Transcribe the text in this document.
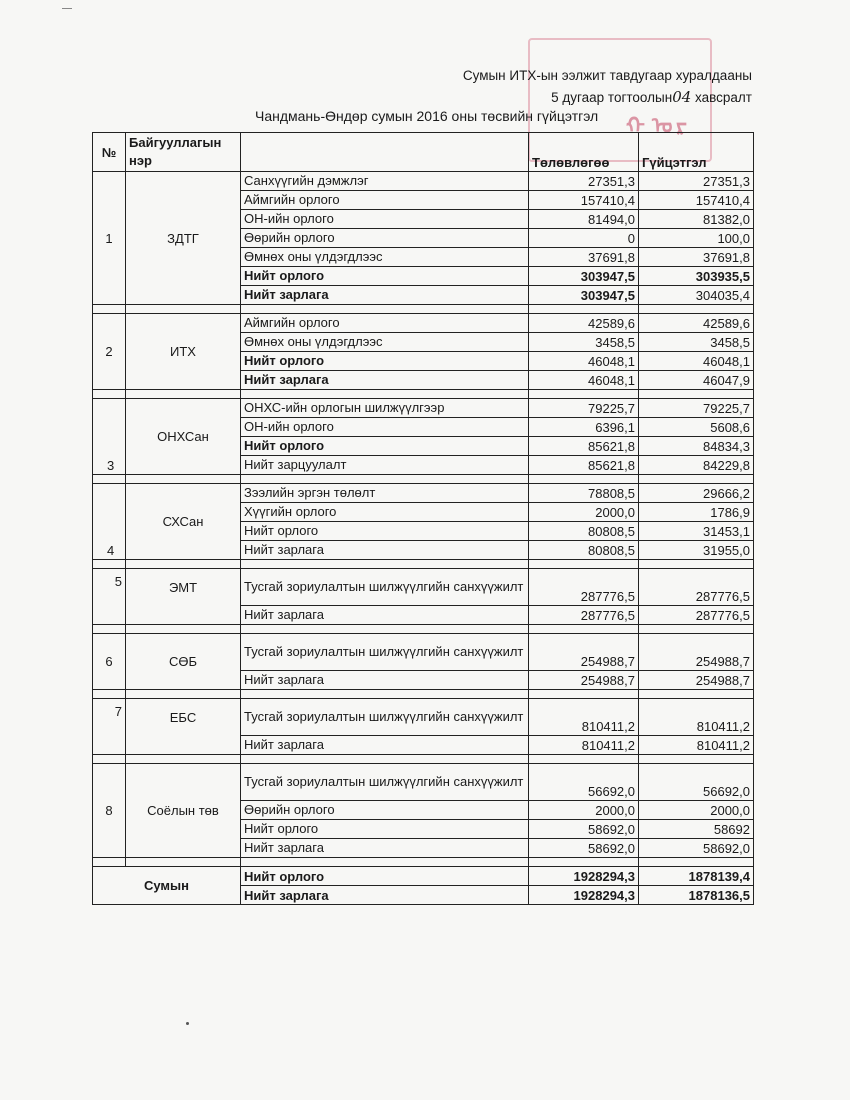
ᠬ ᠤ ᠷ
Сумын ИТХ-ын ээлжит тавдугаар хуралдааны
5 дугаар тогтоолын04 хавсралт
Чандмань-Өндөр сумын 2016 оны төсвийн гүйцэтгэл
№	Байгууллагын нэр		Төлөвлөгөө	Гүйцэтгэл
1	ЗДТГ	Санхүүгийн дэмжлэг	27351,3	27351,3
		Аймгийн орлого	157410,4	157410,4
		ОН-ийн орлого	81494,0	81382,0
		Өөрийн орлого	0	100,0
		Өмнөх оны үлдэгдлээс	37691,8	37691,8
		Нийт орлого	303947,5	303935,5
		Нийт зарлага	303947,5	304035,4

2	ИТХ	Аймгийн орлого	42589,6	42589,6
		Өмнөх оны үлдэгдлээс	3458,5	3458,5
		Нийт орлого	46048,1	46048,1
		Нийт зарлага	46048,1	46047,9

3	ОНХСан	ОНХС-ийн орлогын шилжүүлгээр	79225,7	79225,7
		ОН-ийн орлого	6396,1	5608,6
		Нийт орлого	85621,8	84834,3
		Нийт зарцуулалт	85621,8	84229,8

4	СХСан	Зээлийн эргэн төлөлт	78808,5	29666,2
		Хүүгийн орлого	2000,0	1786,9
		Нийт орлого	80808,5	31453,1
		Нийт зарлага	80808,5	31955,0

5	ЭМТ	Тусгай зориулалтын шилжүүлгийн санхүүжилт	287776,5	287776,5
		Нийт зарлага	287776,5	287776,5

6	СӨБ	Тусгай зориулалтын шилжүүлгийн санхүүжилт	254988,7	254988,7
		Нийт зарлага	254988,7	254988,7

7	ЕБС	Тусгай зориулалтын шилжүүлгийн санхүүжилт	810411,2	810411,2
		Нийт зарлага	810411,2	810411,2

8	Соёлын төв	Тусгай зориулалтын шилжүүлгийн санхүүжилт	56692,0	56692,0
		Өөрийн орлого	2000,0	2000,0
		Нийт орлого	58692,0	58692
		Нийт зарлага	58692,0	58692,0

Сумын		Нийт орлого	1928294,3	1878139,4
		Нийт зарлага	1928294,3	1878136,5
